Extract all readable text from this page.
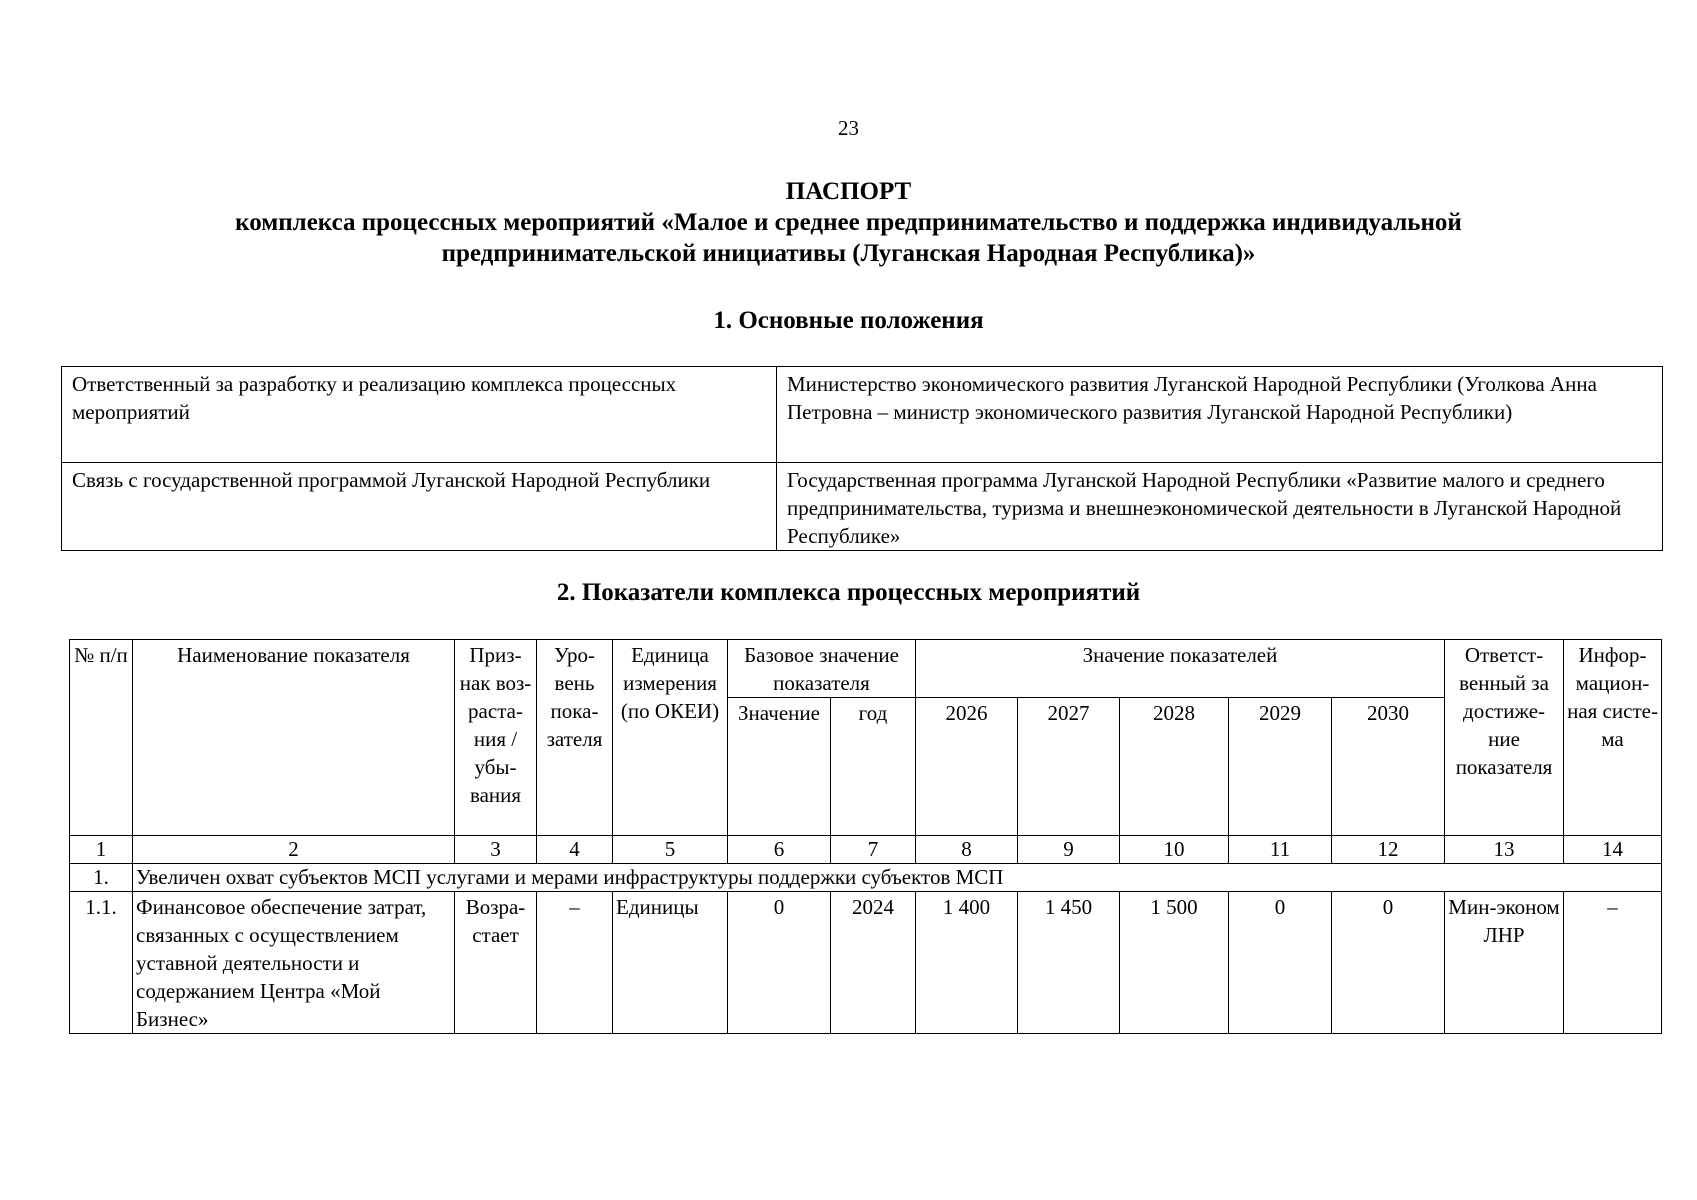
23
ПАСПОРТ
комплекса процессных мероприятий «Малое и среднее предпринимательство и поддержка индивидуальной
предпринимательской инициативы (Луганская Народная Республика)»
1. Основные положения
Ответственный за разработку и реализацию комплекса процессных мероприятий	Министерство экономического развития Луганской Народной Республики (Уголкова Анна Петровна – министр экономического развития Луганской Народной Республики)
Связь с государственной программой Луганской Народной Республики	Государственная программа Луганской Народной Республики «Развитие малого и среднего предпринимательства, туризма и внешнеэкономической деятельности в Луганской Народной Республике»
2. Показатели комплекса процессных мероприятий
№ п/п	Наименование показателя	Приз-нак воз-раста-ния / убы-вания	Уро-вень пока-зателя	Единица измерения (по ОКЕИ)	Базовое значение показателя		Значение показателей					Ответст-венный за достиже-ние показателя	Инфор-мацион-ная систе-ма
					Значение	год	2026	2027	2028	2029	2030		
1	2	3	4	5	6	7	8	9	10	11	12	13	14
1.	Увеличен охват субъектов МСП услугами и мерами инфраструктуры поддержки субъектов МСП												
1.1.	Финансовое обеспечение затрат, связанных с осуществлением уставной деятельности и содержанием Центра «Мой Бизнес»	Возра-стает	–	Единицы	0	2024	1 400	1 450	1 500	0	0	Мин-эконом ЛНР	–
